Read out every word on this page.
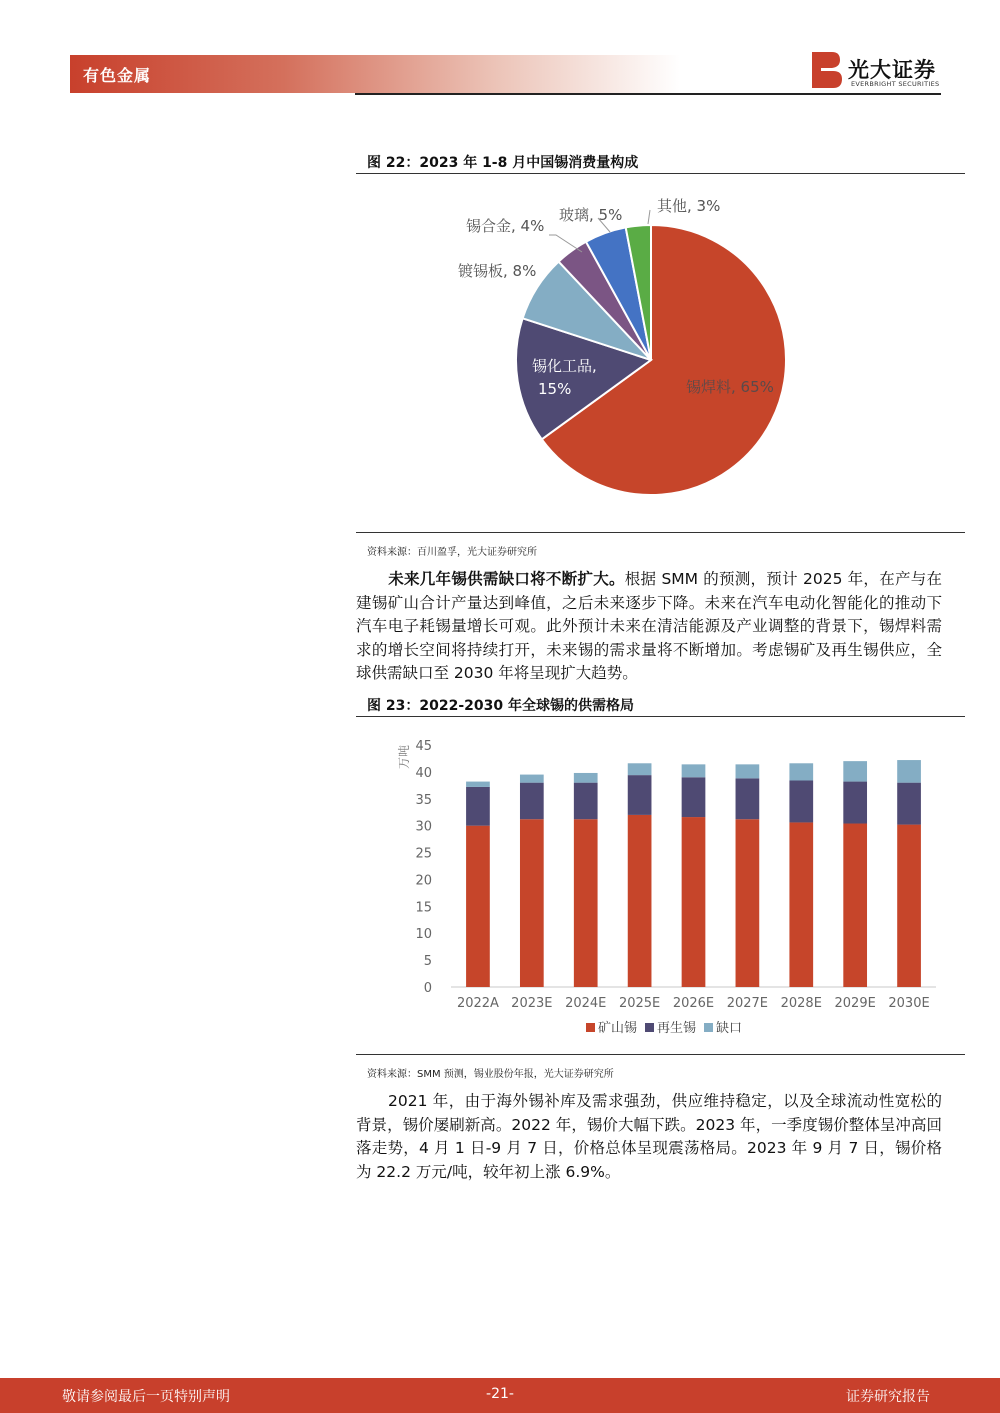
有色金属	光大证券
EVERBRIGHT SECURITIES
图 22：2023 年 1-8 月中国锡消费量构成
锡焊料, 65%
锡化工品,
15%
镀锡板, 8%
锡合金, 4%
玻璃, 5% 其他, 3%
资料来源：百川盈孚，光大证券研究所
未来几年锡供需缺口将不断扩大。根据 SMM 的预测，预计 2025 年，在产与在建锡矿山合计产量达到峰值，之后未来逐步下降。未来在汽车电动化智能化的推动下汽车电子耗锡量增长可观。此外预计未来在清洁能源及产业调整的背景下，锡焊料需求的增长空间将持续打开，未来锡的需求量将不断增加。考虑锡矿及再生锡供应，全球供需缺口至 2030 年将呈现扩大趋势。
图 23：2022-2030 年全球锡的供需格局
0
5
10
15
20
25
30
35
40
45
2022A 2023E 2024E 2025E 2026E 2027E 2028E 2029E 2030E
矿山锡 再生锡 缺口
万吨
资料来源：SMM 预测，锡业股份年报，光大证券研究所
2021 年，由于海外锡补库及需求强劲，供应维持稳定，以及全球流动性宽松的背景，锡价屡刷新高。2022 年，锡价大幅下跌。2023 年，一季度锡价整体呈冲高回落走势，4 月 1 日-9 月 7 日，价格总体呈现震荡格局。2023 年 9 月 7 日，锡价格为 22.2 万元/吨，较年初上涨 6.9%。
敬请参阅最后一页特别声明	-21-	证券研究报告
